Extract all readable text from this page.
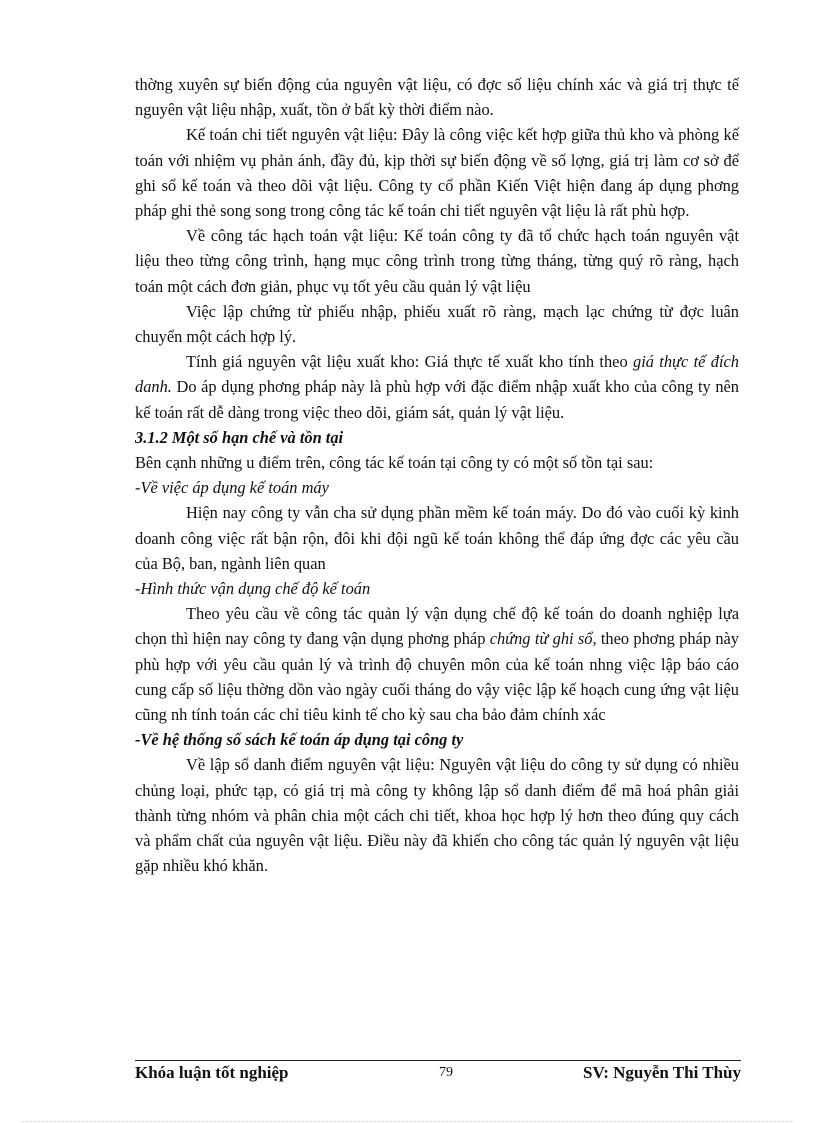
thờng xuyên sự biến động của nguyên vật liệu, có đợc số liệu chính xác và giá trị thực tế nguyên vật liệu nhập, xuất, tồn ở bất kỳ thời điểm nào.

Kế toán chi tiết nguyên vật liệu: Đây là công việc kết hợp giữa thủ kho và phòng kế toán với nhiệm vụ phản ánh, đầy đủ, kịp thời sự biến động về số lợng, giá trị làm cơ sở để ghi sổ kế toán và theo dõi vật liệu. Công ty cổ phần Kiến Việt hiện đang áp dụng phơng pháp ghi thẻ song song trong công tác kế toán chi tiết nguyên vật liệu là rất phù hợp.

Về công tác hạch toán vật liệu: Kế toán công ty đã tổ chức hạch toán nguyên vật liệu theo từng công trình, hạng mục công trình trong từng tháng, từng quý rõ ràng, hạch toán một cách đơn giản, phục vụ tốt yêu cầu quản lý vật liệu

Việc lập chứng từ phiếu nhập, phiếu xuất rõ ràng, mạch lạc chứng từ đợc luân chuyển một cách hợp lý.

Tính giá nguyên vật liệu xuất kho: Giá thực tế xuất kho tính theo giá thực tế đích danh. Do áp dụng phơng pháp này là phù hợp với đặc điểm nhập xuất kho của công ty nên kế toán rất dễ dàng trong việc theo dõi, giám sát, quản lý vật liệu.

3.1.2 Một số hạn chế và tồn tại

Bên cạnh những u điểm trên, công tác kế toán tại công ty có một số tồn tại sau:

-Về việc áp dụng kế toán máy

Hiện nay công ty vẫn cha sử dụng phần mềm kế toán máy. Do đó vào cuối kỳ kinh doanh công việc rất bận rộn, đôi khi đội ngũ kế toán không thể đáp ứng đợc các yêu cầu của Bộ, ban, ngành liên quan

-Hình thức vận dụng chế độ kế toán

Theo yêu cầu về công tác quản lý vận dụng chế độ kế toán do doanh nghiệp lựa chọn thì hiện nay công ty đang vận dụng phơng pháp chứng từ ghi sổ, theo phơng pháp này phù hợp với yêu cầu quản lý và trình độ chuyên môn của kế toán nhng việc lập báo cáo cung cấp số liệu thờng dồn vào ngày cuối tháng do vậy việc lập kế hoạch cung ứng vật liệu cũng nh tính toán các chỉ tiêu kinh tế cho kỳ sau cha bảo đảm chính xác

-Về hệ thống sổ sách kế toán áp dụng tại công ty

Về lập sổ danh điểm nguyên vật liệu: Nguyên vật liệu do công ty sử dụng có nhiều chủng loại, phức tạp, có giá trị mà công ty không lập sổ danh điểm để mã hoá phân giải thành từng nhóm và phân chia một cách chi tiết, khoa học hợp lý hơn theo đúng quy cách và phẩm chất của nguyên vật liệu. Điều này đã khiến cho công tác quản lý nguyên vật liệu gặp nhiều khó khăn.

Khóa luận tốt nghiệp	79	SV: Nguyễn Thi Thùy
